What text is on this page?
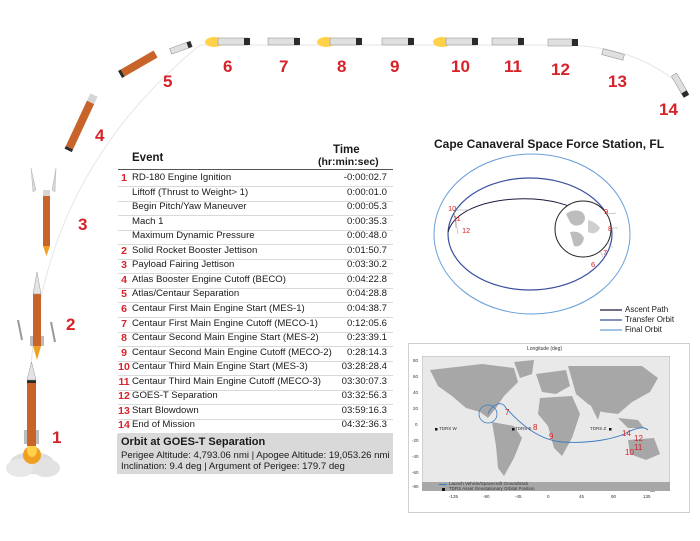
1
2
3
4
5
6	7	8	9	10 11 12
13
14
Event
Time
(hr:min:sec)
1 RD-180 Engine Ignition	-0:00:02.7
Liftoff (Thrust to Weight> 1)	0:00:01.0
Begin Pitch/Yaw Maneuver	0:00:05.3
Mach 1	0:00:35.3
Maximum Dynamic Pressure	0:00:48.0
2 Solid Rocket Booster Jettison	0:01:50.7
3 Payload Fairing Jettison	0:03:30.2
4 Atlas Booster Engine Cutoff (BECO)	0:04:22.8
5 Atlas/Centaur Separation	0:04:28.8
6 Centaur First Main Engine Start (MES-1)	0:04:38.7
7 Centaur First Main Engine Cutoff (MECO-1)	0:12:05.6
8 Centaur Second Main Engine Start (MES-2)	0:23:39.1
9 Centaur Second Main Engine Cutoff (MECO-2) 0:28:14.3
10 Centaur Third Main Engine Start (MES-3)	03:28:28.4
11 Centaur Third Main Engine Cutoff (MECO-3) 03:30:07.3
12 GOES-T Separation	03:32:56.3
13 Start Blowdown	03:59:16.3
14 End of Mission	04:32:36.3
Orbit at GOES-T Separation
Perigee Altitude: 4,793.06 nmi | Apogee Altitude: 19,053.26 nmi
Inclination: 9.4 deg | Argument of Perigee: 179.7 deg
Cape Canaveral Space Force Station, FL
10
11
12
9
8
7
6
Ascent Path
Transfer Orbit
Final Orbit
Longitude (deg)
TDRS W	TDRS E	TDRS Z
7
8
9	14
12
11
10
-135	-90	-45	0	45	90	135
80
60
40
20
0
-20
-40
-60
-80
Launch Vehicle/Spacecraft Groundtrack
TDRS Asset Geostationary Orbital Position
